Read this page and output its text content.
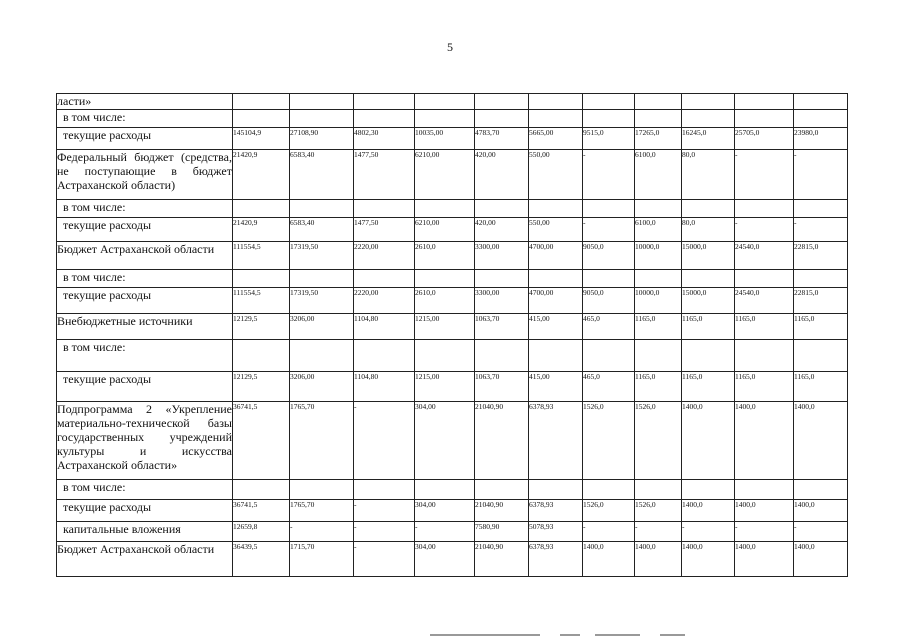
5
ласти»											
в том числе:											
текущие расходы	145104,9	27108,90	4802,30	10035,00	4783,70	5665,00	9515,0	17265,0	16245,0	25705,0	23980,0
Федеральный бюджет (средства, не поступающие в бюджет Астраханской области)	21420,9	6583,40	1477,50	6210,00	420,00	550,00	-	6100,0	80,0	-	-
в том числе:											
текущие расходы	21420,9	6583,40	1477,50	6210,00	420,00	550,00	-	6100,0	80,0	-	-
Бюджет Астраханской области	111554,5	17319,50	2220,00	2610,0	3300,00	4700,00	9050,0	10000,0	15000,0	24540,0	22815,0
в том числе:											
текущие расходы	111554,5	17319,50	2220,00	2610,0	3300,00	4700,00	9050,0	10000,0	15000,0	24540,0	22815,0
Внебюджетные источники	12129,5	3206,00	1104,80	1215,00	1063,70	415,00	465,0	1165,0	1165,0	1165,0	1165,0
в том числе:											
текущие расходы	12129,5	3206,00	1104,80	1215,00	1063,70	415,00	465,0	1165,0	1165,0	1165,0	1165,0
Подпрограмма 2 «Укрепление материально-технической базы государственных учреждений культуры и искусства Астраханской области»	36741,5	1765,70	-	304,00	21040,90	6378,93	1526,0	1526,0	1400,0	1400,0	1400,0
в том числе:											
текущие расходы	36741,5	1765,70	-	304,00	21040,90	6378,93	1526,0	1526,0	1400,0	1400,0	1400,0
капитальные вложения	12659,8	-	-	-	7580,90	5078,93	-	-	-	-	-
Бюджет Астраханской области	36439,5	1715,70	-	304,00	21040,90	6378,93	1400,0	1400,0	1400,0	1400,0	1400,0
